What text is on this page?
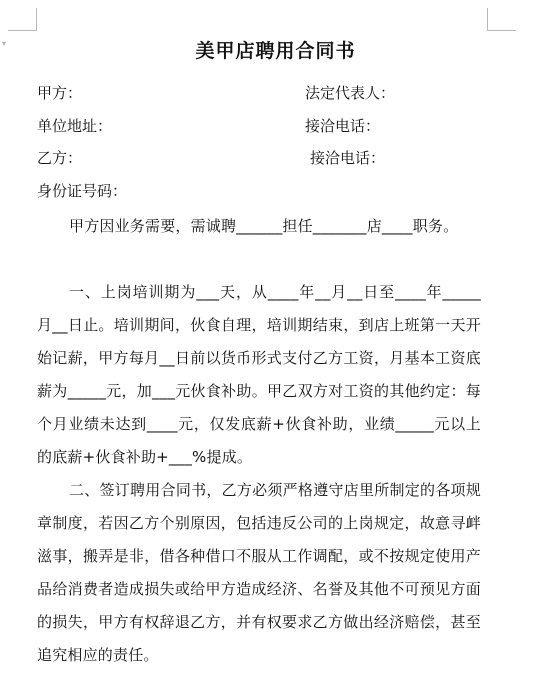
▾	美甲店聘用合同书
甲方：	法定代表人：
单位地址：	接洽电话：
乙方：	接洽电话：
身份证号码：

甲方因业务需要，需诚聘______担任_______店____职务。

一、上岗培训期为___天，从____年__月__日至____年_____月__日止。培训期间，伙食自理，培训期结束，到店上班第一天开始记薪，甲方每月__日前以货币形式支付乙方工资，月基本工资底薪为_____元，加___元伙食补助。甲乙双方对工资的其他约定：每个月业绩未达到____元，仅发底薪+伙食补助，业绩_____元以上的底薪+伙食补助+___%提成。

二、签订聘用合同书，乙方必须严格遵守店里所制定的各项规章制度，若因乙方个别原因，包括违反公司的上岗规定，故意寻衅滋事，搬弄是非，借各种借口不服从工作调配，或不按规定使用产品给消费者造成损失或给甲方造成经济、名誉及其他不可预见方面的损失，甲方有权辞退乙方，并有权要求乙方做出经济赔偿，甚至追究相应的责任。
